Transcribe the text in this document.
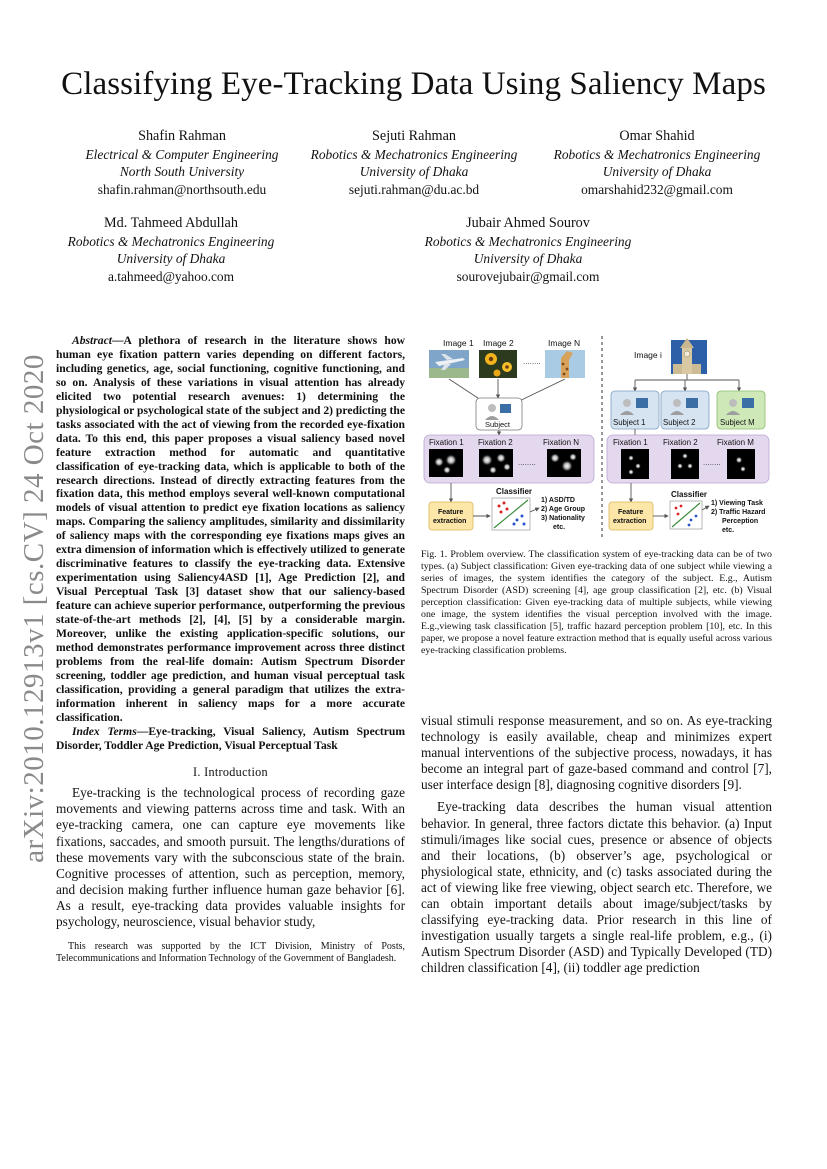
arXiv:2010.12913v1 [cs.CV] 24 Oct 2020
Classifying Eye-Tracking Data Using Saliency Maps
Shafin Rahman
Electrical & Computer Engineering
North South University
shafin.rahman@northsouth.edu
Sejuti Rahman
Robotics & Mechatronics Engineering
University of Dhaka
sejuti.rahman@du.ac.bd
Omar Shahid
Robotics & Mechatronics Engineering
University of Dhaka
omarshahid232@gmail.com
Md. Tahmeed Abdullah
Robotics & Mechatronics Engineering
University of Dhaka
a.tahmeed@yahoo.com
Jubair Ahmed Sourov
Robotics & Mechatronics Engineering
University of Dhaka
sourovejubair@gmail.com

Abstract—A plethora of research in the literature shows how human eye fixation pattern varies depending on different factors, including genetics, age, social functioning, cognitive functioning, and so on. Analysis of these variations in visual attention has already elicited two potential research avenues: 1) determining the physiological or psychological state of the subject and 2) predicting the tasks associated with the act of viewing from the recorded eye-fixation data. To this end, this paper proposes a visual saliency based novel feature extraction method for automatic and quantitative classification of eye-tracking data, which is applicable to both of the research directions. Instead of directly extracting features from the fixation data, this method employs several well-known computational models of visual attention to predict eye fixation locations as saliency maps. Comparing the saliency amplitudes, similarity and dissimilarity of saliency maps with the corresponding eye fixations maps gives an extra dimension of information which is effectively utilized to generate discriminative features to classify the eye-tracking data. Extensive experimentation using Saliency4ASD [1], Age Prediction [2], and Visual Perceptual Task [3] dataset show that our saliency-based feature can achieve superior performance, outperforming the previous state-of-the-art methods [2], [4], [5] by a considerable margin. Moreover, unlike the existing application-specific solutions, our method demonstrates performance improvement across three distinct problems from the real-life domain: Autism Spectrum Disorder screening, toddler age prediction, and human visual perceptual task classification, providing a general paradigm that utilizes the extra-information inherent in saliency maps for a more accurate classification.

Index Terms—Eye-tracking, Visual Saliency, Autism Spectrum Disorder, Toddler Age Prediction, Visual Perceptual Task

I. Introduction

Eye-tracking is the technological process of recording gaze movements and viewing patterns across time and task. With an eye-tracking camera, one can capture eye movements like fixations, saccades, and smooth pursuit. The lengths/durations of these movements vary with the subconscious state of the brain. Cognitive processes of attention, such as perception, memory, and decision making further influence human gaze behavior [6]. As a result, eye-tracking data provides valuable insights for psychology, neuroscience, visual behavior study,

This research was supported by the ICT Division, Ministry of Posts, Telecommunications and Information Technology of the Government of Bangladesh.

Image 1 Image 2	Image N
........
Subject
Fixation 1 Fixation 2	Fixation N
........
Feature
extraction
Classifier
1) ASD/TD
2) Age Group
3) Nationality
etc.
Image i
Subject 1 Subject 2	Subject M
Fixation 1 Fixation 2 Fixation M
........
Feature
extraction
Classifier
1) Viewing Task
2) Traffic Hazard
Perception
etc.

Fig. 1. Problem overview. The classification system of eye-tracking data can be of two types. (a) Subject classification: Given eye-tracking data of one subject while viewing a series of images, the system identifies the category of the subject. E.g., Autism Spectrum Disorder (ASD) screening [4], age group classification [2], etc. (b) Visual perception classification: Given eye-tracking data of multiple subjects, while viewing one image, the system identifies the visual perception involved with the image. E.g.,viewing task classification [5], traffic hazard perception problem [10], etc. In this paper, we propose a novel feature extraction method that is equally useful across various eye-tracking classification problems.

visual stimuli response measurement, and so on. As eye-tracking technology is easily available, cheap and minimizes expert manual interventions of the subjective process, nowadays, it has become an integral part of gaze-based command and control [7], user interface design [8], diagnosing cognitive disorders [9].

Eye-tracking data describes the human visual attention behavior. In general, three factors dictate this behavior. (a) Input stimuli/images like social cues, presence or absence of objects and their locations, (b) observer’s age, psychological or physiological state, ethnicity, and (c) tasks associated during the act of viewing like free viewing, object search etc. Therefore, we can obtain important details about image/subject/tasks by classifying eye-tracking data. Prior research in this line of investigation usually targets a single real-life problem, e.g., (i) Autism Spectrum Disorder (ASD) and Typically Developed (TD) children classification [4], (ii) toddler age prediction
